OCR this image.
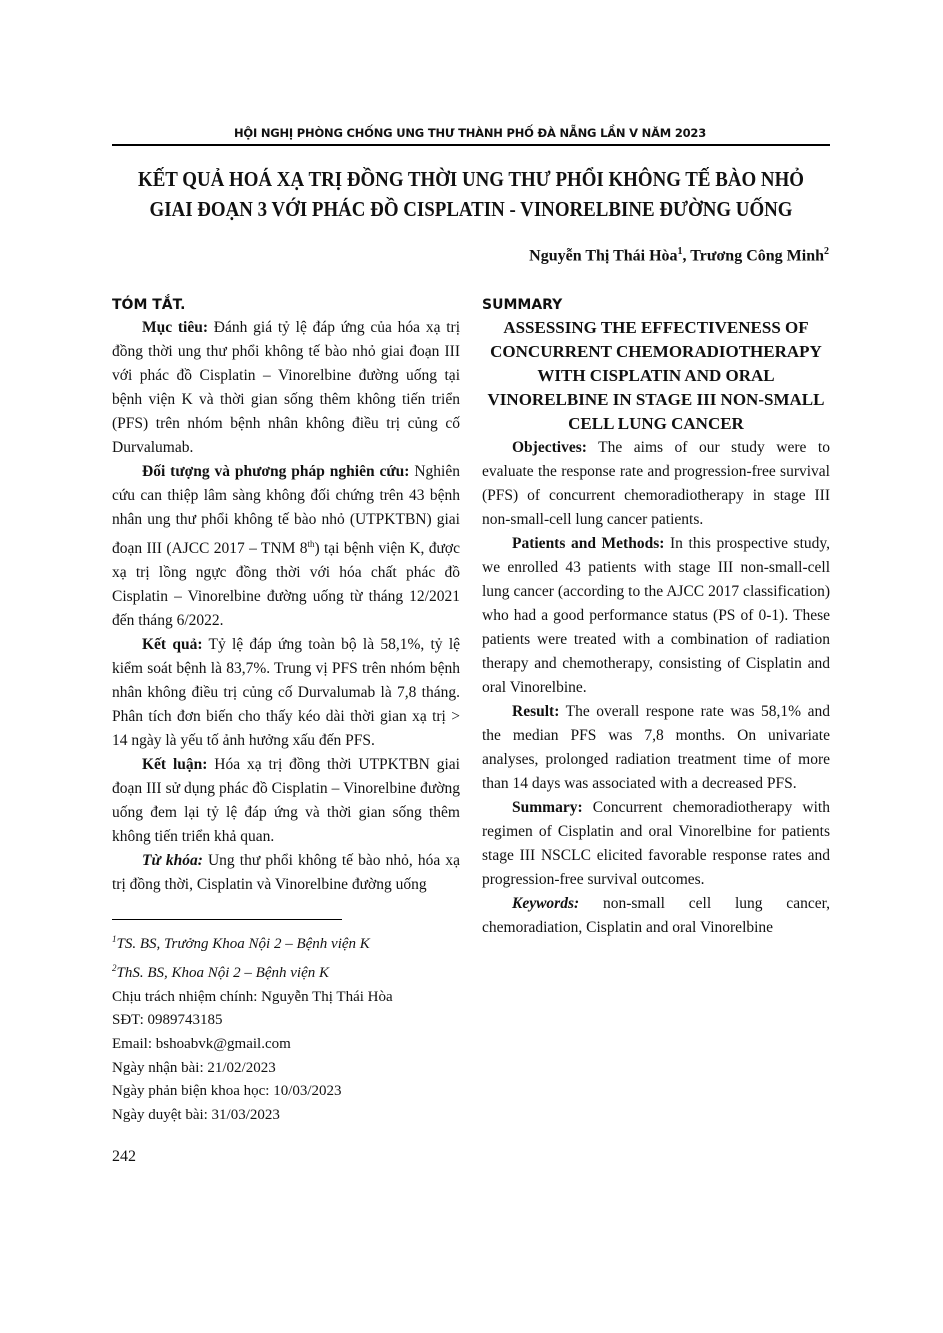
HỘI NGHỊ PHÒNG CHỐNG UNG THƯ THÀNH PHỐ ĐÀ NẴNG LẦN V NĂM 2023
KẾT QUẢ HOÁ XẠ TRỊ ĐỒNG THỜI UNG THƯ PHỔI KHÔNG TẾ BÀO NHỎ
GIAI ĐOẠN 3 VỚI PHÁC ĐỒ CISPLATIN - VINORELBINE ĐƯỜNG UỐNG
Nguyễn Thị Thái Hòa$^1$, Trương Công Minh$^2$
TÓM TẮT.

Mục tiêu: Đánh giá tỷ lệ đáp ứng của hóa xạ trị đồng thời ung thư phổi không tế bào nhỏ giai đoạn III với phác đồ Cisplatin – Vinorelbine đường uống tại bệnh viện K và thời gian sống thêm không tiến triển (PFS) trên nhóm bệnh nhân không điều trị củng cố Durvalumab.

Đối tượng và phương pháp nghiên cứu: Nghiên cứu can thiệp lâm sàng không đối chứng trên 43 bệnh nhân ung thư phổi không tế bào nhỏ (UTPKTBN) giai đoạn III (AJCC 2017 – TNM 8th) tại bệnh viện K, được xạ trị lồng ngực đồng thời với hóa chất phác đồ Cisplatin – Vinorelbine đường uống từ tháng 12/2021 đến tháng 6/2022.

Kết quả: Tỷ lệ đáp ứng toàn bộ là 58,1%, tỷ lệ kiểm soát bệnh là 83,7%. Trung vị PFS trên nhóm bệnh nhân không điều trị củng cố Durvalumab là 7,8 tháng. Phân tích đơn biến cho thấy kéo dài thời gian xạ trị > 14 ngày là yếu tố ảnh hưởng xấu đến PFS.

Kết luận: Hóa xạ trị đồng thời UTPKTBN giai đoạn III sử dụng phác đồ Cisplatin – Vinorelbine đường uống đem lại tỷ lệ đáp ứng và thời gian sống thêm không tiến triển khả quan.

Từ khóa: Ung thư phổi không tế bào nhỏ, hóa xạ trị đồng thời, Cisplatin và Vinorelbine đường uống

$^1$TS. BS, Trưởng Khoa Nội 2 – Bệnh viện K
$^2$ThS. BS, Khoa Nội 2 – Bệnh viện K
Chịu trách nhiệm chính: Nguyễn Thị Thái Hòa
SĐT: 0989743185
Email: bshoabvk@gmail.com
Ngày nhận bài: 21/02/2023
Ngày phản biện khoa học: 10/03/2023
Ngày duyệt bài: 31/03/2023
242
SUMMARY
ASSESSING THE EFFECTIVENESS OF CONCURRENT CHEMORADIOTHERAPY WITH CISPLATIN AND ORAL VINORELBINE IN STAGE III NON-SMALL CELL LUNG CANCER

Objectives: The aims of our study were to evaluate the response rate and progression-free survival (PFS) of concurrent chemoradiotherapy in stage III non-small-cell lung cancer patients.

Patients and Methods: In this prospective study, we enrolled 43 patients with stage III non-small-cell lung cancer (according to the AJCC 2017 classification) who had a good performance status (PS of 0-1). These patients were treated with a combination of radiation therapy and chemotherapy, consisting of Cisplatin and oral Vinorelbine.

Result: The overall respone rate was 58,1% and the median PFS was 7,8 months. On univariate analyses, prolonged radiation treatment time of more than 14 days was associated with a decreased PFS.

Summary: Concurrent chemoradiotherapy with regimen of Cisplatin and oral Vinorelbine for patients stage III NSCLC elicited favorable response rates and progression-free survival outcomes.

Keywords: non-small cell lung cancer, chemoradiation, Cisplatin and oral Vinorelbine
